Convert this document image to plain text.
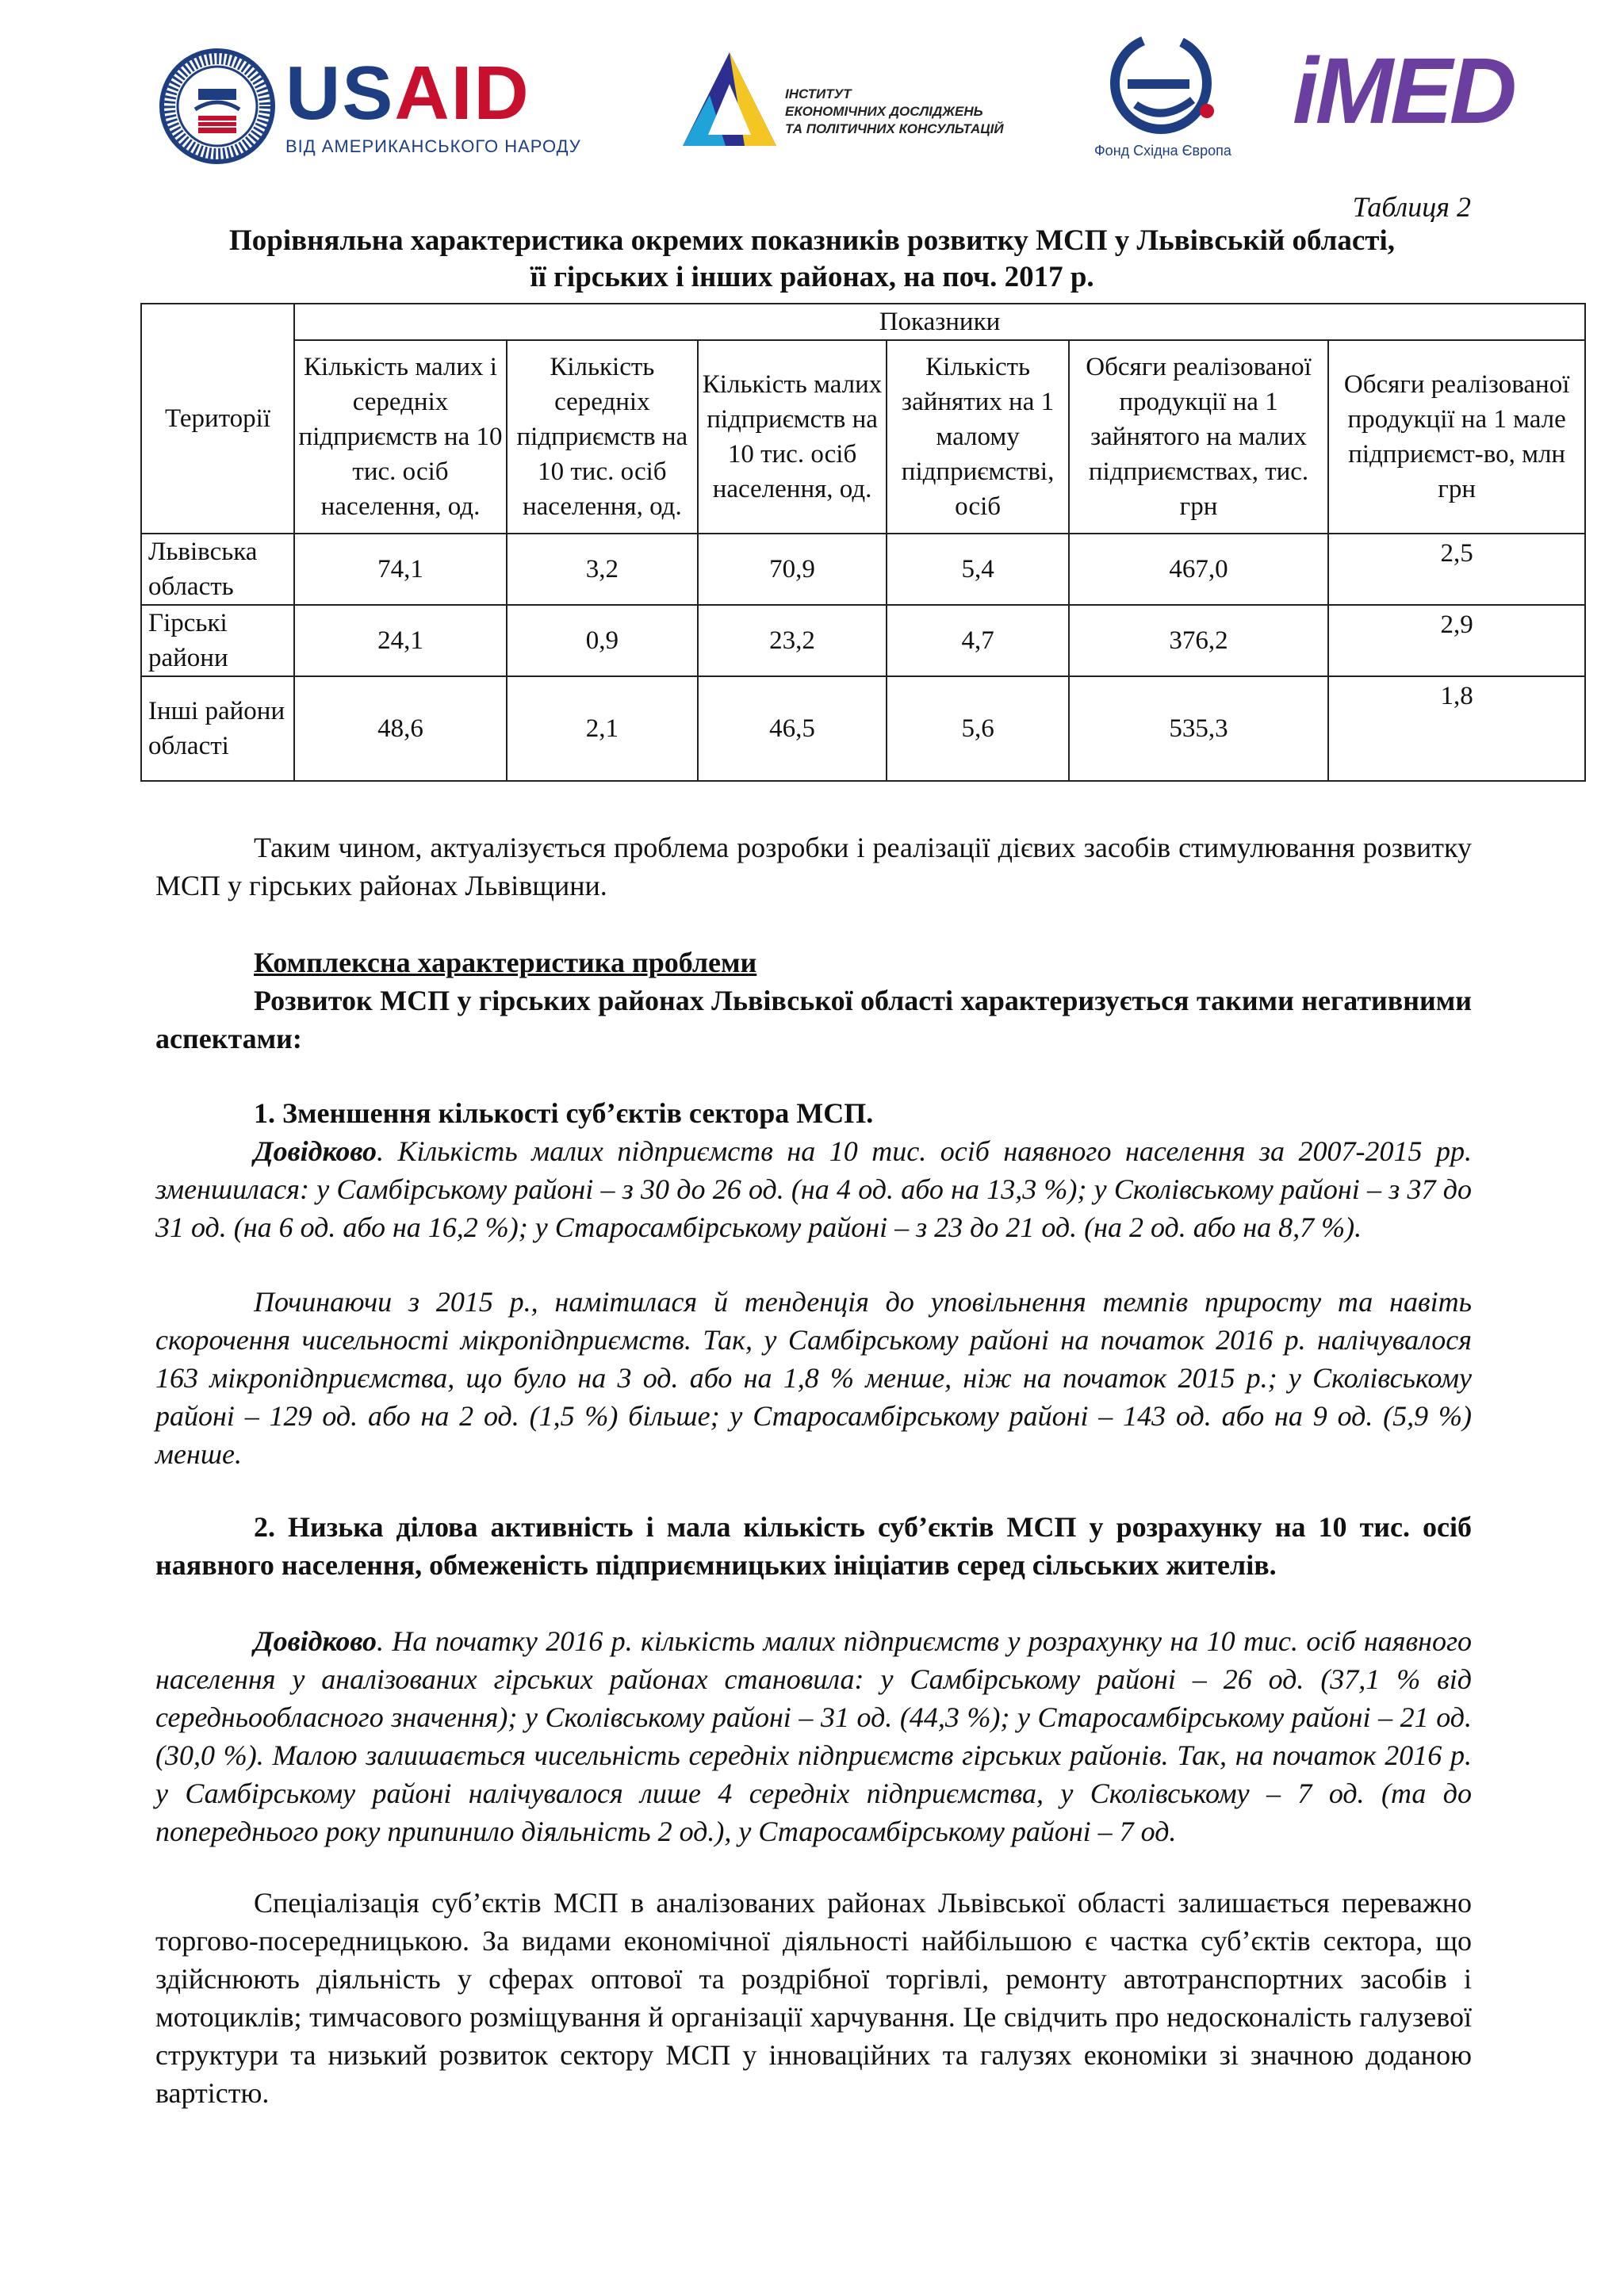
USAID
ВІД АМЕРИКАНСЬКОГО НАРОДУ
ІНСТИТУТ
ЕКОНОМІЧНИХ ДОСЛІДЖЕНЬ
ТА ПОЛІТИЧНИХ КОНСУЛЬТАЦІЙ
Фонд Східна Європа
iMED
Таблиця 2
Порівняльна характеристика окремих показників розвитку МСП у Львівській області,
її гірських і інших районах, на поч. 2017 р.
Території	Показники					
	Кількість малих і середніх підприємств на 10 тис. осіб населення, од.	Кількість середніх підприємств на 10 тис. осіб населення, од.	Кількість малих підприємств на 10 тис. осіб населення, од.	Кількість зайнятих на 1 малому підприємстві, осіб	Обсяги реалізованої продукції на 1 зайнятого на малих підприємствах, тис. грн	Обсяги реалізованої продукції на 1 мале підприємст-во, млн грн
Львівська область	74,1	3,2	70,9	5,4	467,0	2,5
Гірські райони	24,1	0,9	23,2	4,7	376,2	2,9
Інші райони області	48,6	2,1	46,5	5,6	535,3	1,8
Таким чином, актуалізується проблема розробки і реалізації дієвих засобів стимулювання розвитку МСП у гірських районах Львівщини.
Комплексна характеристика проблеми
Розвиток МСП у гірських районах Львівської області характеризується такими негативними аспектами:
1. Зменшення кількості суб’єктів сектора МСП.
Довідково. Кількість малих підприємств на 10 тис. осіб наявного населення за 2007-2015 рр. зменшилася: у Самбірському районі – з 30 до 26 од. (на 4 од. або на 13,3 %); у Сколівському районі – з 37 до 31 од. (на 6 од. або на 16,2 %); у Старосамбірському районі – з 23 до 21 од. (на 2 од. або на 8,7 %).
Починаючи з 2015 р., намітилася й тенденція до уповільнення темпів приросту та навіть скорочення чисельності мікропідприємств. Так, у Самбірському районі на початок 2016 р. налічувалося 163 мікропідприємства, що було на 3 од. або на 1,8 % менше, ніж на початок 2015 р.; у Сколівському районі – 129 од. або на 2 од. (1,5 %) більше; у Старосамбірському районі – 143 од. або на 9 од. (5,9 %) менше.
2. Низька ділова активність і мала кількість суб’єктів МСП у розрахунку на 10 тис. осіб наявного населення, обмеженість підприємницьких ініціатив серед сільських жителів.
Довідково. На початку 2016 р. кількість малих підприємств у розрахунку на 10 тис. осіб наявного населення у аналізованих гірських районах становила: у Самбірському районі – 26 од. (37,1 % від середньообласного значення); у Сколівському районі – 31 од. (44,3 %); у Старосамбірському районі – 21 од. (30,0 %). Малою залишається чисельність середніх підприємств гірських районів. Так, на початок 2016 р. у Самбірському районі налічувалося лише 4 середніх підприємства, у Сколівському – 7 од. (та до попереднього року припинило діяльність 2 од.), у Старосамбірському районі – 7 од.
Спеціалізація суб’єктів МСП в аналізованих районах Львівської області залишається переважно торгово-посередницькою. За видами економічної діяльності найбільшою є частка суб’єктів сектора, що здійснюють діяльність у сферах оптової та роздрібної торгівлі, ремонту автотранспортних засобів і мотоциклів; тимчасового розміщування й організації харчування. Це свідчить про недосконалість галузевої структури та низький розвиток сектору МСП у інноваційних та галузях економіки зі значною доданою вартістю.
